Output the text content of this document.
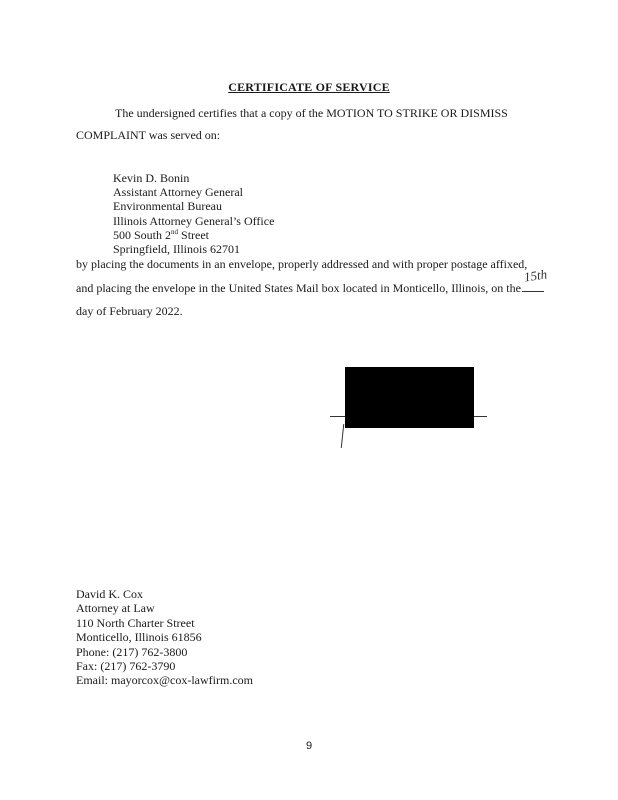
CERTIFICATE OF SERVICE
The undersigned certifies that a copy of the MOTION TO STRIKE OR DISMISS
COMPLAINT was served on:
Kevin D. Bonin
Assistant Attorney General
Environmental Bureau
Illinois Attorney General’s Office
500 South 2nd Street
Springfield, Illinois 62701
by placing the documents in an envelope, properly addressed and with proper postage affixed,
and placing the envelope in the United States Mail box located in Monticello, Illinois, on the
15th
day of February 2022.
David K. Cox
Attorney at Law
110 North Charter Street
Monticello, Illinois 61856
Phone: (217) 762-3800
Fax: (217) 762-3790
Email: mayorcox@cox-lawfirm.com
9
